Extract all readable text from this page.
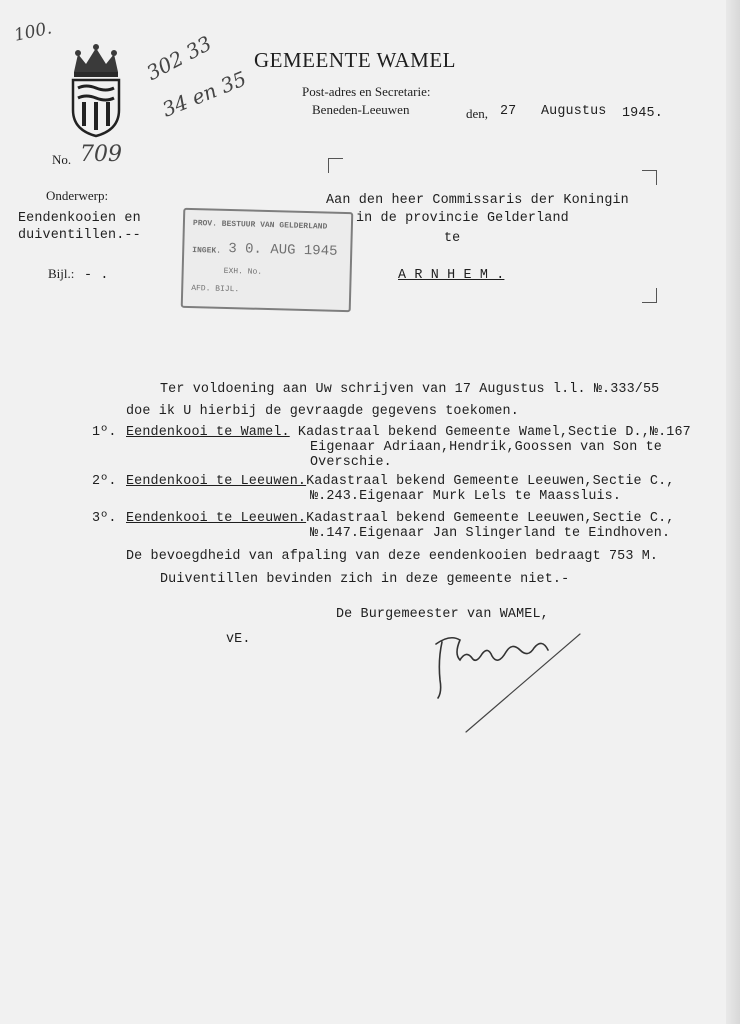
100.	302 33
34 en 35
GEMEENTE WAMEL
Post-adres en Secretarie:
Beneden-Leeuwen	den, 27 Augustus 1945.
No. 709
Onderwerp:
Eendenkooien en
duiventillen.--
Bijl.: - .
PROV. BESTUUR VAN GELDERLAND
INGEK. 3 0. AUG 1945
EXH. No.
AFD. BIJL.
Aan den heer Commissaris der Koningin
in de provincie Gelderland
te
A R N H E M .
Ter voldoening aan Uw schrijven van 17 Augustus l.l. №.333/55
doe ik U hierbij de gevraagde gegevens toekomen.
1º. Eendenkooi te Wamel. Kadastraal bekend Gemeente Wamel,Sectie D.,№.167
Eigenaar Adriaan,Hendrik,Goossen van Son te
Overschie.
2º. Eendenkooi te Leeuwen.Kadastraal bekend Gemeente Leeuwen,Sectie C.,
№.243.Eigenaar Murk Lels te Maassluis.
3º. Eendenkooi te Leeuwen.Kadastraal bekend Gemeente Leeuwen,Sectie C.,
№.147.Eigenaar Jan Slingerland te Eindhoven.
De bevoegdheid van afpaling van deze eendenkooien bedraagt 753 M.
Duiventillen bevinden zich in deze gemeente niet.-
De Burgemeester van WAMEL,
vE.
